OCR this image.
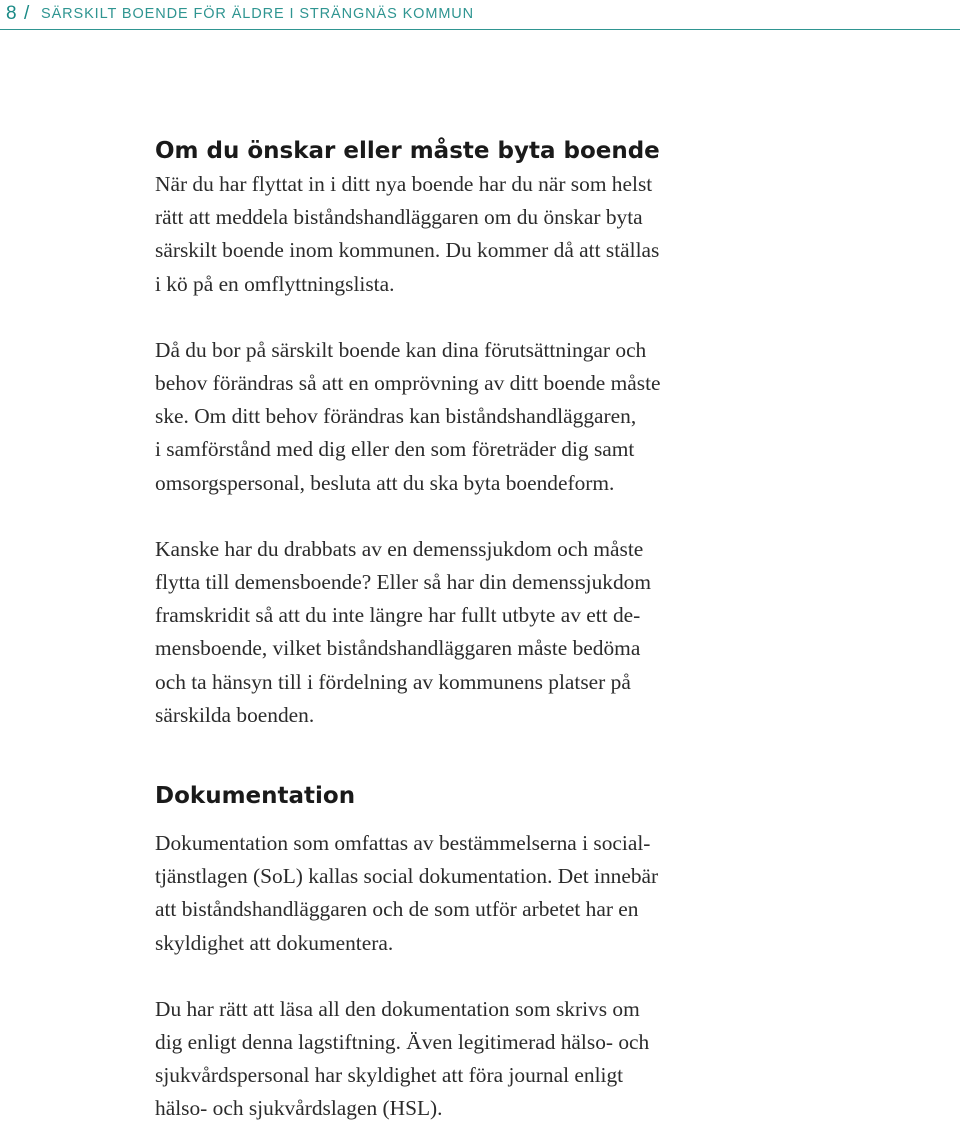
8 / SÄRSKILT BOENDE FÖR ÄLDRE I STRÄNGNÄS KOMMUN
Om du önskar eller måste byta boende
När du har flyttat in i ditt nya boende har du när som helst
rätt att meddela biståndshandläggaren om du önskar byta
särskilt boende inom kommunen. Du kommer då att ställas
i kö på en omflyttningslista.
Då du bor på särskilt boende kan dina förutsättningar och
behov förändras så att en omprövning av ditt boende måste
ske. Om ditt behov förändras kan biståndshandläggaren,
i samförstånd med dig eller den som företräder dig samt
omsorgspersonal, besluta att du ska byta boendeform.
Kanske har du drabbats av en demenssjukdom och måste
flytta till demensboende? Eller så har din demenssjukdom
framskridit så att du inte längre har fullt utbyte av ett de-
mensboende, vilket biståndshandläggaren måste bedöma
och ta hänsyn till i fördelning av kommunens platser på
särskilda boenden.
Dokumentation
Dokumentation som omfattas av bestämmelserna i social-
tjänstlagen (SoL) kallas social dokumentation. Det innebär
att biståndshandläggaren och de som utför arbetet har en
skyldighet att dokumentera.
Du har rätt att läsa all den dokumentation som skrivs om
dig enligt denna lagstiftning. Även legitimerad hälso- och
sjukvårdspersonal har skyldighet att föra journal enligt
hälso- och sjukvårdslagen (HSL).
